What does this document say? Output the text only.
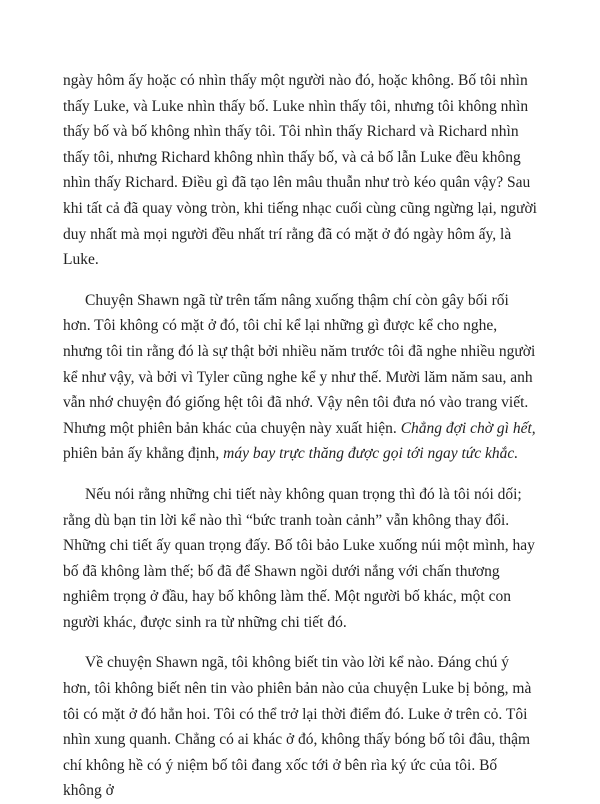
ngày hôm ấy hoặc có nhìn thấy một người nào đó, hoặc không. Bố tôi nhìn thấy Luke, và Luke nhìn thấy bố. Luke nhìn thấy tôi, nhưng tôi không nhìn thấy bố và bố không nhìn thấy tôi. Tôi nhìn thấy Richard và Richard nhìn thấy tôi, nhưng Richard không nhìn thấy bố, và cả bố lẫn Luke đều không nhìn thấy Richard. Điều gì đã tạo lên mâu thuẫn như trò kéo quân vậy? Sau khi tất cả đã quay vòng tròn, khi tiếng nhạc cuối cùng cũng ngừng lại, người duy nhất mà mọi người đều nhất trí rằng đã có mặt ở đó ngày hôm ấy, là Luke.

Chuyện Shawn ngã từ trên tấm nâng xuống thậm chí còn gây bối rối hơn. Tôi không có mặt ở đó, tôi chỉ kể lại những gì được kể cho nghe, nhưng tôi tin rằng đó là sự thật bởi nhiều năm trước tôi đã nghe nhiều người kể như vậy, và bởi vì Tyler cũng nghe kể y như thế. Mười lăm năm sau, anh vẫn nhớ chuyện đó giống hệt tôi đã nhớ. Vậy nên tôi đưa nó vào trang viết. Nhưng một phiên bản khác của chuyện này xuất hiện. Chẳng đợi chờ gì hết, phiên bản ấy khẳng định, máy bay trực thăng được gọi tới ngay tức khắc.

Nếu nói rằng những chi tiết này không quan trọng thì đó là tôi nói dối; rằng dù bạn tin lời kể nào thì “bức tranh toàn cảnh” vẫn không thay đổi. Những chi tiết ấy quan trọng đấy. Bố tôi bảo Luke xuống núi một mình, hay bố đã không làm thế; bố đã để Shawn ngồi dưới nắng với chấn thương nghiêm trọng ở đầu, hay bố không làm thế. Một người bố khác, một con người khác, được sinh ra từ những chi tiết đó.

Về chuyện Shawn ngã, tôi không biết tin vào lời kể nào. Đáng chú ý hơn, tôi không biết nên tin vào phiên bản nào của chuyện Luke bị bỏng, mà tôi có mặt ở đó hẳn hoi. Tôi có thể trở lại thời điểm đó. Luke ở trên cỏ. Tôi nhìn xung quanh. Chẳng có ai khác ở đó, không thấy bóng bố tôi đâu, thậm chí không hề có ý niệm bố tôi đang xốc tới ở bên rìa ký ức của tôi. Bố không ở
